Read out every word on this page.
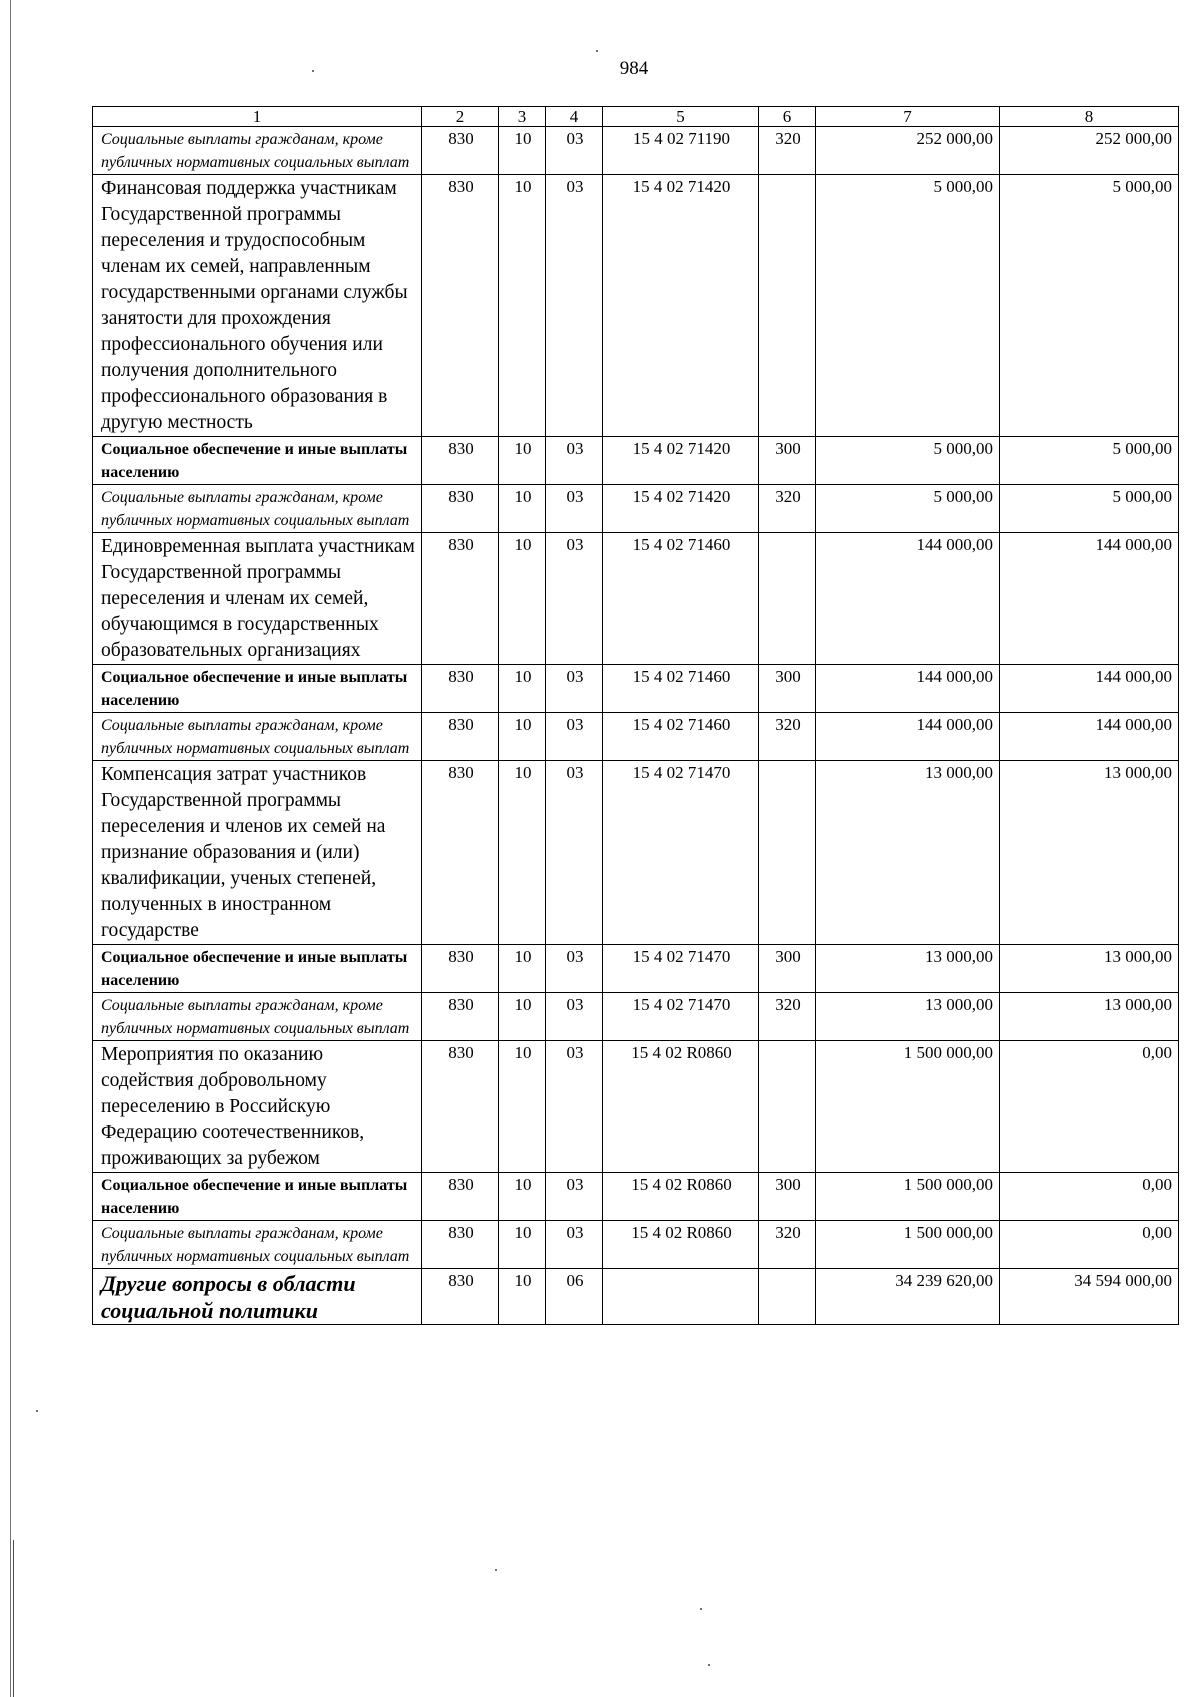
984
1	2	3	4	5	6	7	8
Социальные выплаты гражданам, кроме публичных нормативных социальных выплат	830	10	03	15 4 02 71190	320	252 000,00	252 000,00
Финансовая поддержка участникам Государственной программы переселения и трудоспособным членам их семей, направленным государственными органами службы занятости для прохождения профессионального обучения или получения дополнительного профессионального образования в другую местность	830	10	03	15 4 02 71420		5 000,00	5 000,00
Социальное обеспечение и иные выплаты населению	830	10	03	15 4 02 71420	300	5 000,00	5 000,00
Социальные выплаты гражданам, кроме публичных нормативных социальных выплат	830	10	03	15 4 02 71420	320	5 000,00	5 000,00
Единовременная выплата участникам Государственной программы переселения и членам их семей, обучающимся в государственных образовательных организациях	830	10	03	15 4 02 71460		144 000,00	144 000,00
Социальное обеспечение и иные выплаты населению	830	10	03	15 4 02 71460	300	144 000,00	144 000,00
Социальные выплаты гражданам, кроме публичных нормативных социальных выплат	830	10	03	15 4 02 71460	320	144 000,00	144 000,00
Компенсация затрат участников Государственной программы переселения и членов их семей на признание образования и (или) квалификации, ученых степеней, полученных в иностранном государстве	830	10	03	15 4 02 71470		13 000,00	13 000,00
Социальное обеспечение и иные выплаты населению	830	10	03	15 4 02 71470	300	13 000,00	13 000,00
Социальные выплаты гражданам, кроме публичных нормативных социальных выплат	830	10	03	15 4 02 71470	320	13 000,00	13 000,00
Мероприятия по оказанию содействия добровольному переселению в Российскую Федерацию соотечественников, проживающих за рубежом	830	10	03	15 4 02 R0860		1 500 000,00	0,00
Социальное обеспечение и иные выплаты населению	830	10	03	15 4 02 R0860	300	1 500 000,00	0,00
Социальные выплаты гражданам, кроме публичных нормативных социальных выплат	830	10	03	15 4 02 R0860	320	1 500 000,00	0,00
Другие вопросы в области социальной политики	830	10	06			34 239 620,00	34 594 000,00
